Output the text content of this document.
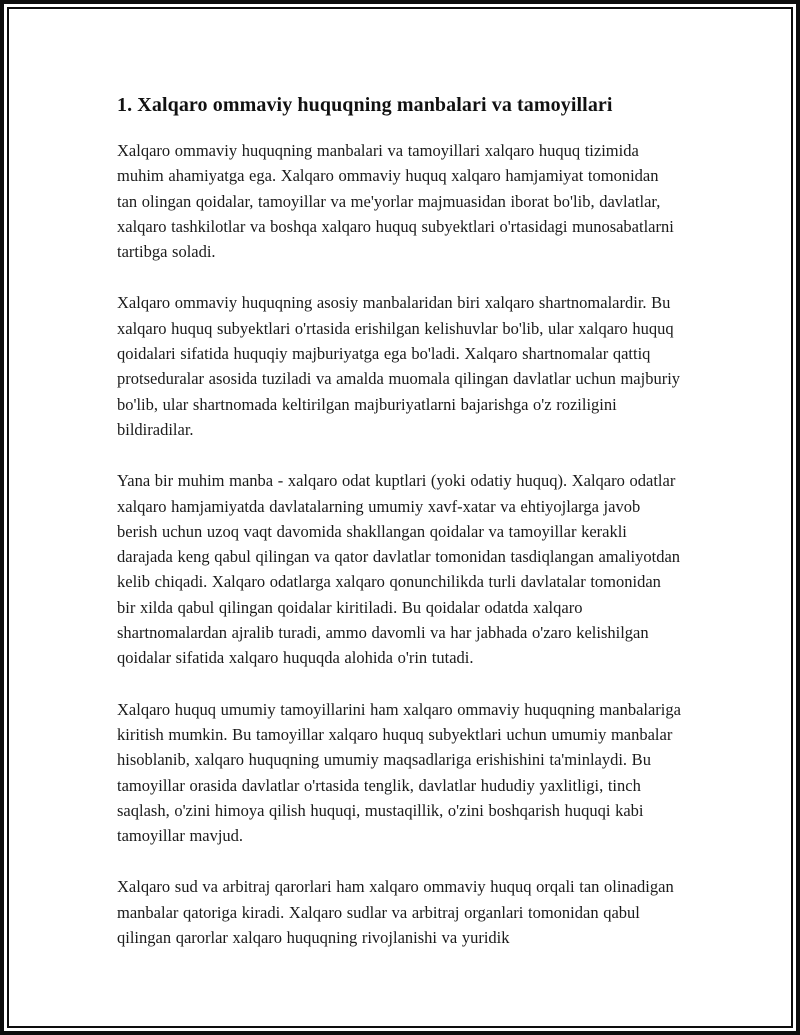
1. Xalqaro ommaviy huquqning manbalari va tamoyillari

Xalqaro ommaviy huquqning manbalari va tamoyillari xalqaro huquq tizimida muhim ahamiyatga ega. Xalqaro ommaviy huquq xalqaro hamjamiyat tomonidan tan olingan qoidalar, tamoyillar va me'yorlar majmuasidan iborat bo'lib, davlatlar, xalqaro tashkilotlar va boshqa xalqaro huquq subyektlari o'rtasidagi munosabatlarni tartibga soladi.

Xalqaro ommaviy huquqning asosiy manbalaridan biri xalqaro shartnomalardir. Bu xalqaro huquq subyektlari o'rtasida erishilgan kelishuvlar bo'lib, ular xalqaro huquq qoidalari sifatida huquqiy majburiyatga ega bo'ladi. Xalqaro shartnomalar qattiq protseduralar asosida tuziladi va amalda muomala qilingan davlatlar uchun majburiy bo'lib, ular shartnomada keltirilgan majburiyatlarni bajarishga o'z roziligini bildiradilar.

Yana bir muhim manba - xalqaro odat kuptlari (yoki odatiy huquq). Xalqaro odatlar xalqaro hamjamiyatda davlatalarning umumiy xavf-xatar va ehtiyojlarga javob berish uchun uzoq vaqt davomida shakllangan qoidalar va tamoyillar kerakli darajada keng qabul qilingan va qator davlatlar tomonidan tasdiqlangan amaliyotdan kelib chiqadi. Xalqaro odatlarga xalqaro qonunchilikda turli davlatalar tomonidan bir xilda qabul qilingan qoidalar kiritiladi. Bu qoidalar odatda xalqaro shartnomalardan ajralib turadi, ammo davomli va har jabhada o'zaro kelishilgan qoidalar sifatida xalqaro huquqda alohida o'rin tutadi.

Xalqaro huquq umumiy tamoyillarini ham xalqaro ommaviy huquqning manbalariga kiritish mumkin. Bu tamoyillar xalqaro huquq subyektlari uchun umumiy manbalar hisoblanib, xalqaro huquqning umumiy maqsadlariga erishishini ta'minlaydi. Bu tamoyillar orasida davlatlar o'rtasida tenglik, davlatlar hududiy yaxlitligi, tinch saqlash, o'zini himoya qilish huquqi, mustaqillik, o'zini boshqarish huquqi kabi tamoyillar mavjud.

Xalqaro sud va arbitraj qarorlari ham xalqaro ommaviy huquq orqali tan olinadigan manbalar qatoriga kiradi. Xalqaro sudlar va arbitraj organlari tomonidan qabul qilingan qarorlar xalqaro huquqning rivojlanishi va yuridik
